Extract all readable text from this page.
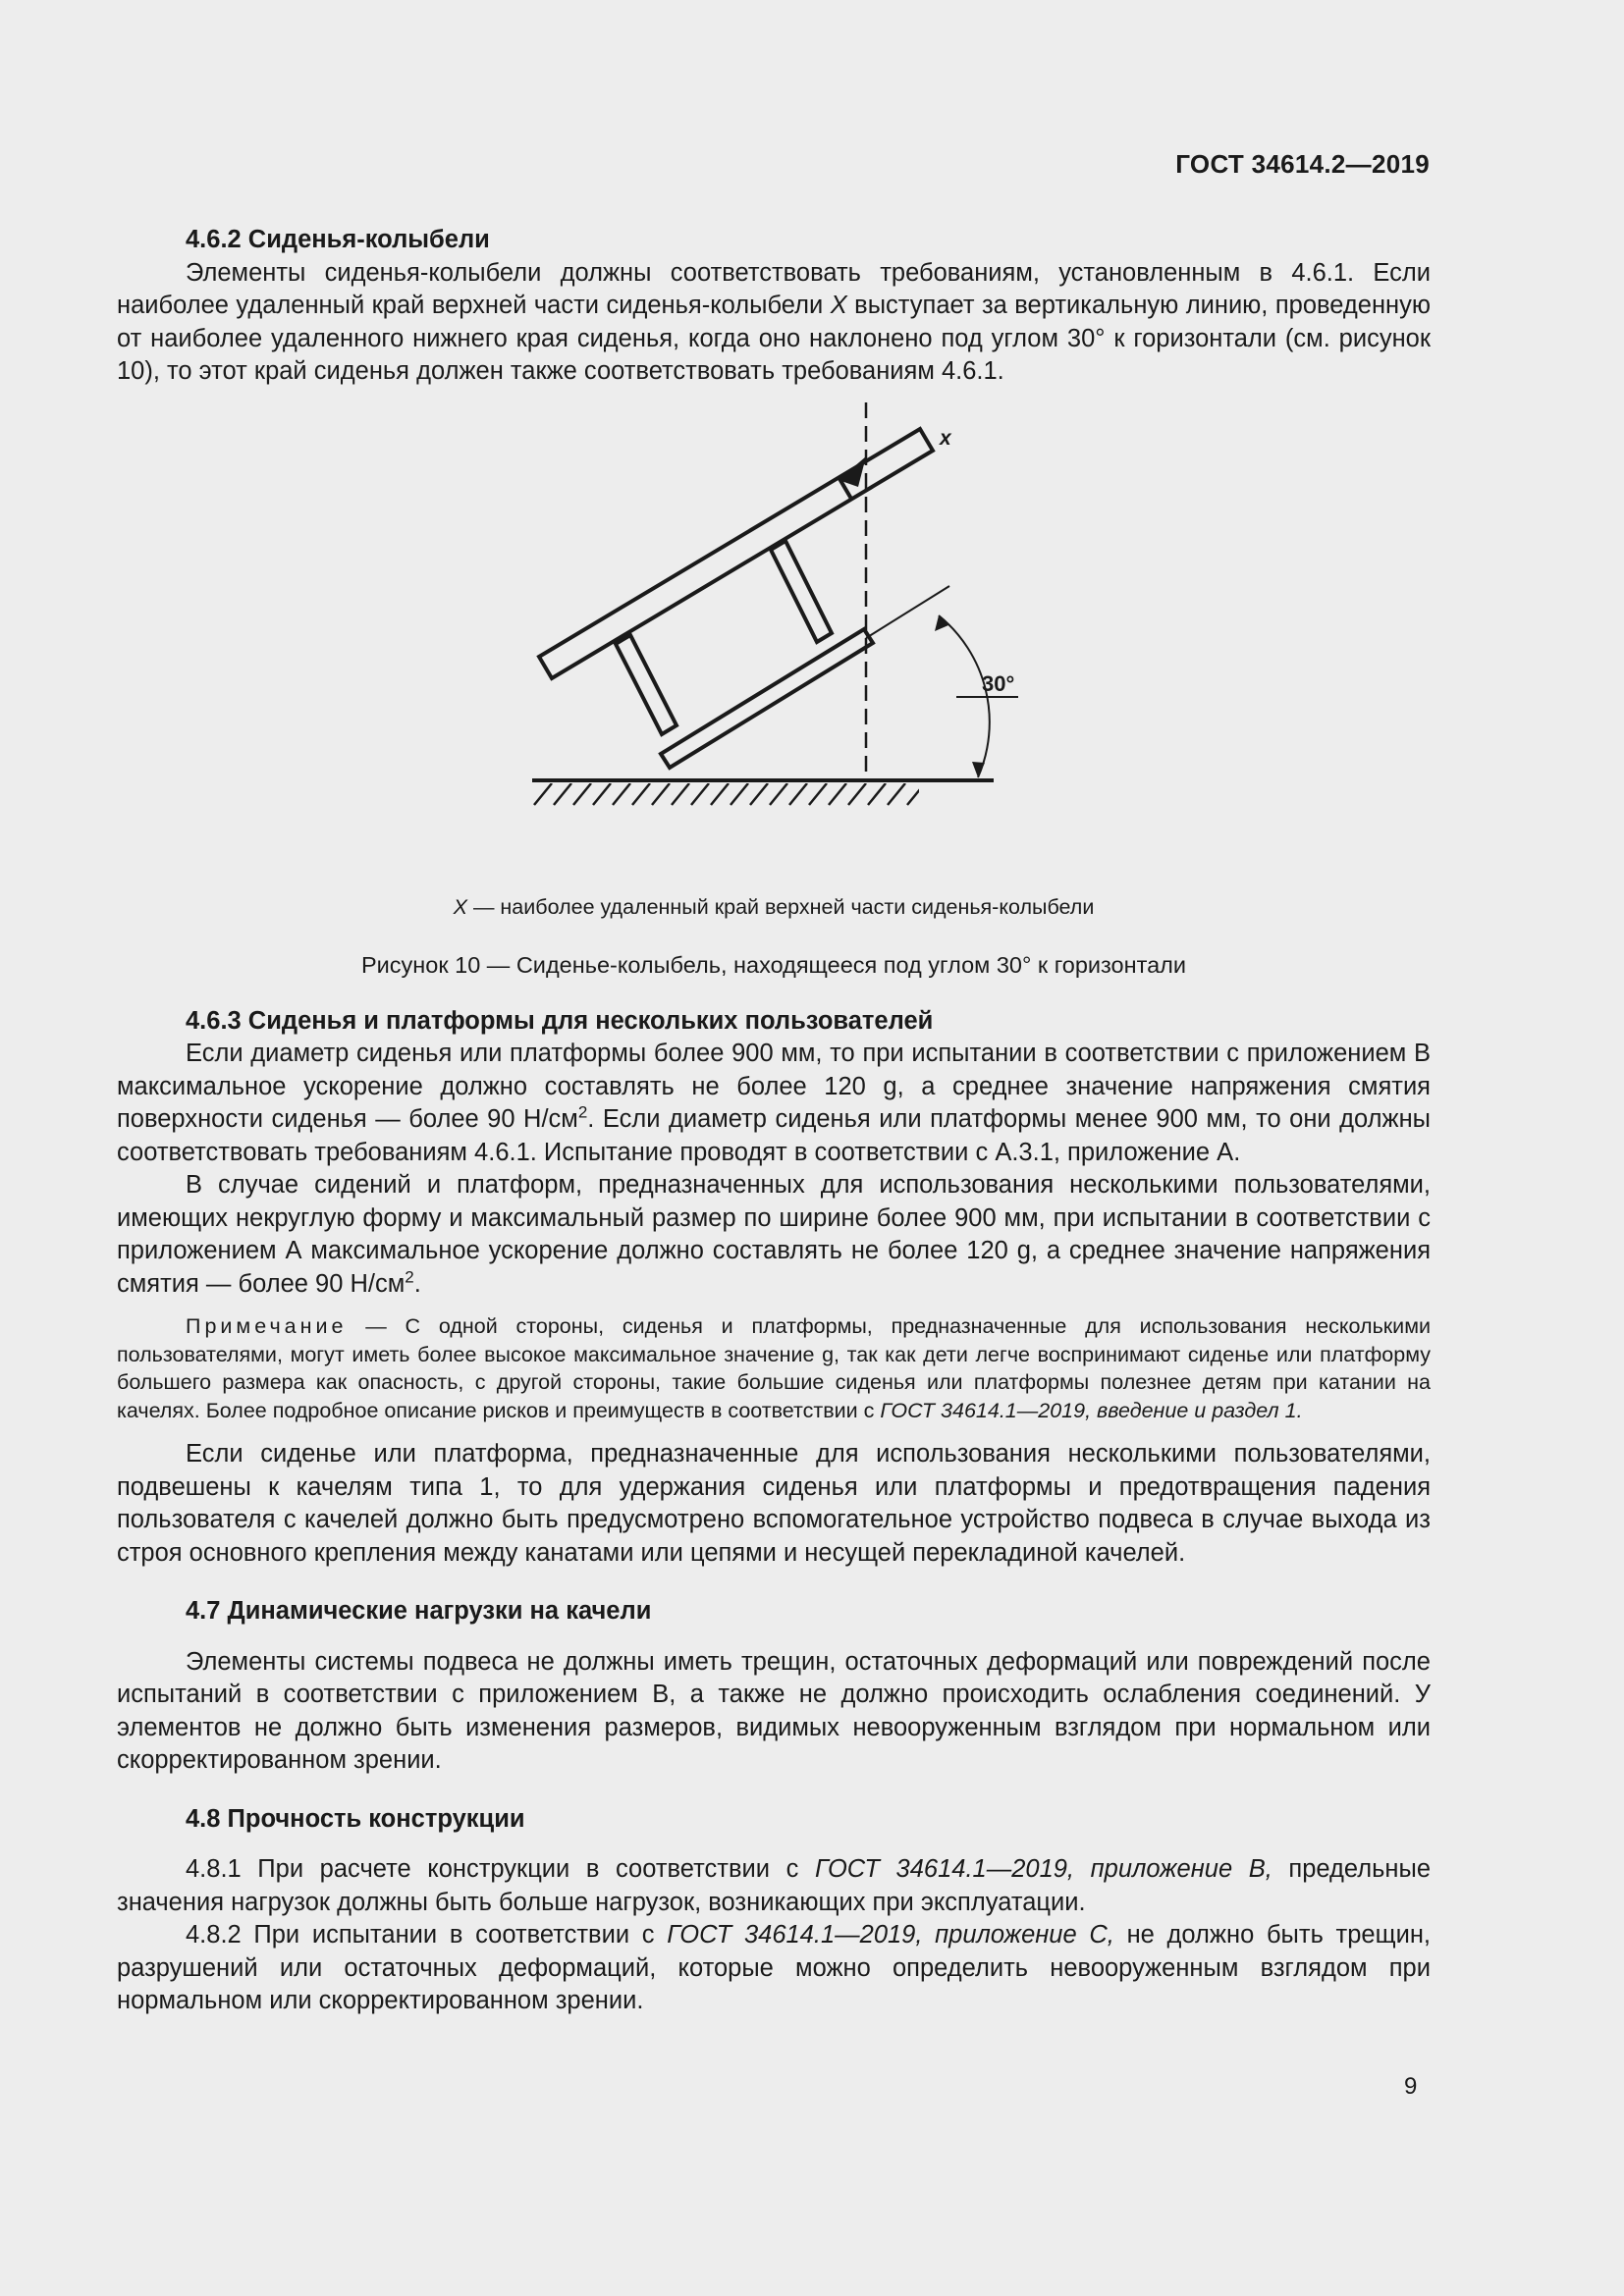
ГОСТ 34614.2—2019

4.6.2 Сиденья-колыбели

Элементы сиденья-колыбели должны соответствовать требованиям, установленным в 4.6.1. Если наиболее удаленный край верхней части сиденья-колыбели X выступает за вертикальную линию, проведенную от наиболее удаленного нижнего края сиденья, когда оно наклонено под углом 30° к горизонтали (см. рисунок 10), то этот край сиденья должен также соответствовать требованиям 4.6.1.

30°
x

X — наиболее удаленный край верхней части сиденья-колыбели

Рисунок 10 — Сиденье-колыбель, находящееся под углом 30° к горизонтали

4.6.3 Сиденья и платформы для нескольких пользователей

Если диаметр сиденья или платформы более 900 мм, то при испытании в соответствии с приложением В максимальное ускорение должно составлять не более 120 g, а среднее значение напряжения смятия поверхности сиденья — более 90 $Н/см^2$. Если диаметр сиденья или платформы менее 900 мм, то они должны соответствовать требованиям 4.6.1. Испытание проводят в соответствии с А.3.1, приложение А.

В случае сидений и платформ, предназначенных для использования несколькими пользователями, имеющих некруглую форму и максимальный размер по ширине более 900 мм, при испытании в соответствии с приложением А максимальное ускорение должно составлять не более 120 g, а среднее значение напряжения смятия — более 90 $Н/см^2$.

Примечание — С одной стороны, сиденья и платформы, предназначенные для использования несколькими пользователями, могут иметь более высокое максимальное значение g, так как дети легче воспринимают сиденье или платформу большего размера как опасность, с другой стороны, такие большие сиденья или платформы полезнее детям при катании на качелях. Более подробное описание рисков и преимуществ в соответствии с ГОСТ 34614.1—2019, введение и раздел 1.

Если сиденье или платформа, предназначенные для использования несколькими пользователями, подвешены к качелям типа 1, то для удержания сиденья или платформы и предотвращения падения пользователя с качелей должно быть предусмотрено вспомогательное устройство подвеса в случае выхода из строя основного крепления между канатами или цепями и несущей перекладиной качелей.

4.7 Динамические нагрузки на качели

Элементы системы подвеса не должны иметь трещин, остаточных деформаций или повреждений после испытаний в соответствии с приложением В, а также не должно происходить ослабления соединений. У элементов не должно быть изменения размеров, видимых невооруженным взглядом при нормальном или скорректированном зрении.

4.8 Прочность конструкции

4.8.1 При расчете конструкции в соответствии с ГОСТ 34614.1—2019, приложение В, предельные значения нагрузок должны быть больше нагрузок, возникающих при эксплуатации.

4.8.2 При испытании в соответствии с ГОСТ 34614.1—2019, приложение С, не должно быть трещин, разрушений или остаточных деформаций, которые можно определить невооруженным взглядом при нормальном или скорректированном зрении.

9
